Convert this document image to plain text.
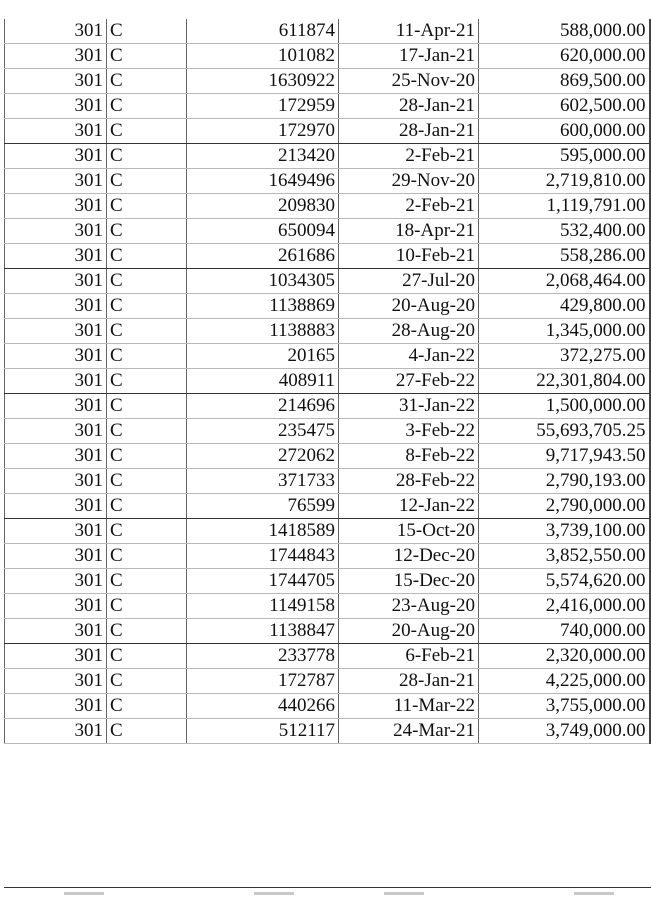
301	C	611874	11-Apr-21	588,000.00
301	C	101082	17-Jan-21	620,000.00
301	C	1630922	25-Nov-20	869,500.00
301	C	172959	28-Jan-21	602,500.00
301	C	172970	28-Jan-21	600,000.00
301	C	213420	2-Feb-21	595,000.00
301	C	1649496	29-Nov-20	2,719,810.00
301	C	209830	2-Feb-21	1,119,791.00
301	C	650094	18-Apr-21	532,400.00
301	C	261686	10-Feb-21	558,286.00
301	C	1034305	27-Jul-20	2,068,464.00
301	C	1138869	20-Aug-20	429,800.00
301	C	1138883	28-Aug-20	1,345,000.00
301	C	20165	4-Jan-22	372,275.00
301	C	408911	27-Feb-22	22,301,804.00
301	C	214696	31-Jan-22	1,500,000.00
301	C	235475	3-Feb-22	55,693,705.25
301	C	272062	8-Feb-22	9,717,943.50
301	C	371733	28-Feb-22	2,790,193.00
301	C	76599	12-Jan-22	2,790,000.00
301	C	1418589	15-Oct-20	3,739,100.00
301	C	1744843	12-Dec-20	3,852,550.00
301	C	1744705	15-Dec-20	5,574,620.00
301	C	1149158	23-Aug-20	2,416,000.00
301	C	1138847	20-Aug-20	740,000.00
301	C	233778	6-Feb-21	2,320,000.00
301	C	172787	28-Jan-21	4,225,000.00
301	C	440266	11-Mar-22	3,755,000.00
301	C	512117	24-Mar-21	3,749,000.00
